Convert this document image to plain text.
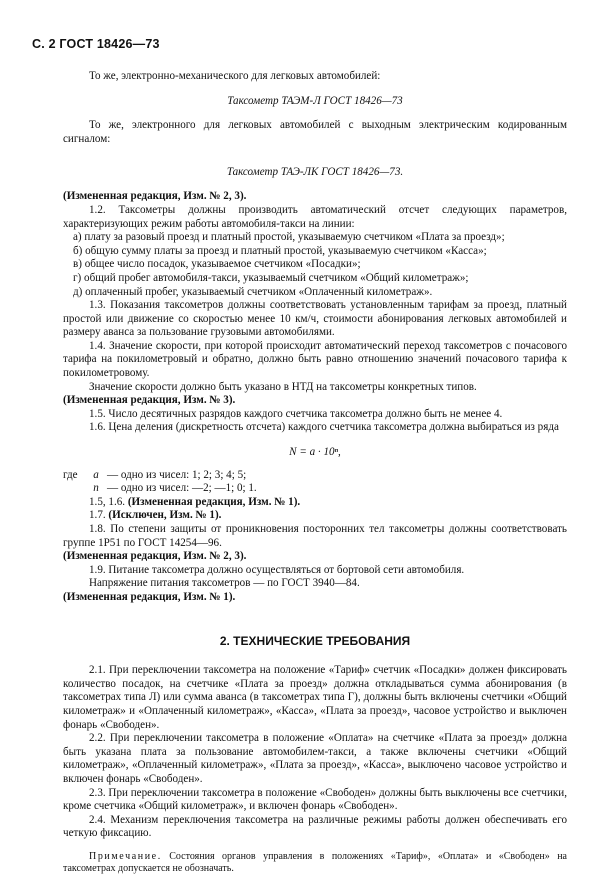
С. 2 ГОСТ 18426—73

То же, электронно-механического для легковых автомобилей:

Таксометр ТАЭМ-Л ГОСТ 18426—73

То же, электронного для легковых автомобилей с выходным электрическим кодированным сигналом:

Таксометр ТАЭ-ЛК ГОСТ 18426—73.

(Измененная редакция, Изм. № 2, 3).

1.2. Таксометры должны производить автоматический отсчет следующих параметров, характеризующих режим работы автомобиля-такси на линии:

а) плату за разовый проезд и платный простой, указываемую счетчиком «Плата за проезд»;
б) общую сумму платы за проезд и платный простой, указываемую счетчиком «Касса»;
в) общее число посадок, указываемое счетчиком «Посадки»;
г) общий пробег автомобиля-такси, указываемый счетчиком «Общий километраж»;
д) оплаченный пробег, указываемый счетчиком «Оплаченный километраж».

1.3. Показания таксометров должны соответствовать установленным тарифам за проезд, платный простой или движение со скоростью менее 10 км/ч, стоимости абонирования легковых автомобилей и размеру аванса за пользование грузовыми автомобилями.

1.4. Значение скорости, при которой происходит автоматический переход таксометров с почасового тарифа на покилометровый и обратно, должно быть равно отношению значений почасового тарифа к покилометровому.

Значение скорости должно быть указано в НТД на таксометры конкретных типов.

(Измененная редакция, Изм. № 3).

1.5. Число десятичных разрядов каждого счетчика таксометра должно быть не менее 4.

1.6. Цена деления (дискретность отсчета) каждого счетчика таксометра должна выбираться из ряда

N = a · 10ⁿ,

где	a — одно из чисел: 1; 2; 3; 4; 5;
n — одно из чисел: —2; —1; 0; 1.

1.5, 1.6. (Измененная редакция, Изм. № 1).

1.7. (Исключен, Изм. № 1).

1.8. По степени защиты от проникновения посторонних тел таксометры должны соответствовать группе 1Р51 по ГОСТ 14254—96.

(Измененная редакция, Изм. № 2, 3).

1.9. Питание таксометра должно осуществляться от бортовой сети автомобиля.

Напряжение питания таксометров — по ГОСТ 3940—84.

(Измененная редакция, Изм. № 1).

2. ТЕХНИЧЕСКИЕ ТРЕБОВАНИЯ

2.1. При переключении таксометра на положение «Тариф» счетчик «Посадки» должен фиксировать количество посадок, на счетчике «Плата за проезд» должна откладываться сумма абонирования (в таксометрах типа Л) или сумма аванса (в таксометрах типа Г), должны быть включены счетчики «Общий километраж» и «Оплаченный километраж», «Касса», «Плата за проезд», часовое устройство и выключен фонарь «Свободен».

2.2. При переключении таксометра в положение «Оплата» на счетчике «Плата за проезд» должна быть указана плата за пользование автомобилем-такси, а также включены счетчики «Общий километраж», «Оплаченный километраж», «Плата за проезд», «Касса», выключено часовое устройство и включен фонарь «Свободен».

2.3. При переключении таксометра в положение «Свободен» должны быть выключены все счетчики, кроме счетчика «Общий километраж», и включен фонарь «Свободен».

2.4. Механизм переключения таксометра на различные режимы работы должен обеспечивать его четкую фиксацию.

Примечание. Состояния органов управления в положениях «Тариф», «Оплата» и «Свободен» на таксометрах допускается не обозначать.
